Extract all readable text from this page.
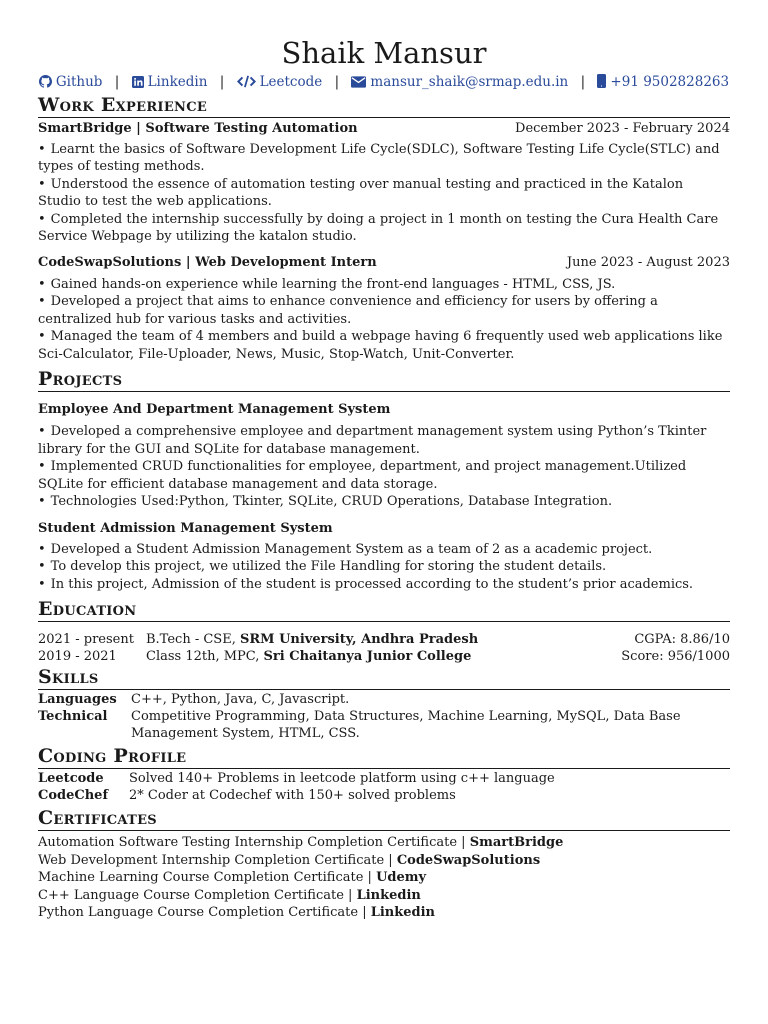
Shaik Mansur
Github | Linkedin |	Leetcode | mansur_shaik@srmap.edu.in | +91 9502828263
Work Experience
SmartBridge | Software Testing Automation	December 2023 - February 2024

• Learnt the basics of Software Development Life Cycle(SDLC), Software Testing Life Cycle(STLC) and types of testing methods.

• Understood the essence of automation testing over manual testing and practiced in the Katalon Studio to test the web applications.

• Completed the internship successfully by doing a project in 1 month on testing the Cura Health Care Service Webpage by utilizing the katalon studio.

CodeSwapSolutions | Web Development Intern	June 2023 - August 2023

• Gained hands-on experience while learning the front-end languages - HTML, CSS, JS.

• Developed a project that aims to enhance convenience and efficiency for users by offering a centralized hub for various tasks and activities.

• Managed the team of 4 members and build a webpage having 6 frequently used web applications like Sci-Calculator, File-Uploader, News, Music, Stop-Watch, Unit-Converter.

Projects
Employee And Department Management System

• Developed a comprehensive employee and department management system using Python’s Tkinter library for the GUI and SQLite for database management.

• Implemented CRUD functionalities for employee, department, and project management.Utilized SQLite for efficient database management and data storage.

• Technologies Used:Python, Tkinter, SQLite, CRUD Operations, Database Integration.

Student Admission Management System

• Developed a Student Admission Management System as a team of 2 as a academic project.

• To develop this project, we utilized the File Handling for storing the student details.

• In this project, Admission of the student is processed according to the student’s prior academics.

Education
2021 - present B.Tech - CSE, SRM University, Andhra Pradesh	CGPA: 8.86/10
2019 - 2021	Class 12th, MPC, Sri Chaitanya Junior College	Score: 956/1000
Skills
Languages	C++, Python, Java, C, Javascript.
Technical	Competitive Programming, Data Structures, Machine Learning, MySQL, Data Base Management System, HTML, CSS.
Coding Profile
Leetcode	Solved 140+ Problems in leetcode platform using c++ language
CodeChef	2* Coder at Codechef with 150+ solved problems
Certificates
Automation Software Testing Internship Completion Certificate | SmartBridge
Web Development Internship Completion Certificate | CodeSwapSolutions
Machine Learning Course Completion Certificate | Udemy
C++ Language Course Completion Certificate | Linkedin
Python Language Course Completion Certificate | Linkedin
